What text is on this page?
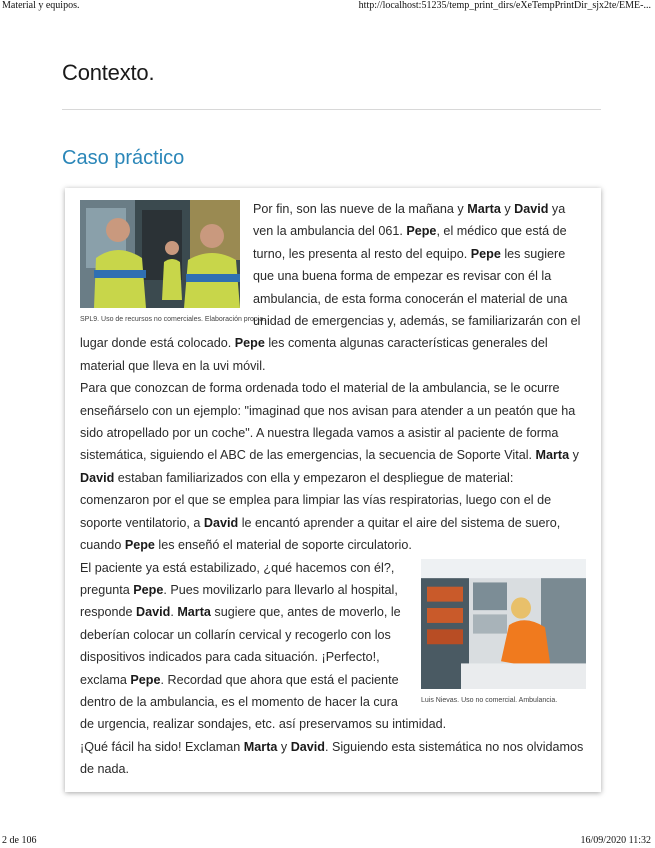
Material y equipos.	http://localhost:51235/temp_print_dirs/eXeTempPrintDir_sjx2te/EME-...
Contexto.
Caso práctico
SPL9. Uso de recursos no comerciales. Elaboración propia.

Por fin, son las nueve de la mañana y Marta y David ya ven la ambulancia del 061. Pepe, el médico que está de turno, les presenta al resto del equipo. Pepe les sugiere que una buena forma de empezar es revisar con él la ambulancia, de esta forma conocerán el material de una unidad de emergencias y, además, se familiarizarán con el lugar donde está colocado. Pepe les comenta algunas características generales del material que lleva en la uvi móvil.

Para que conozcan de forma ordenada todo el material de la ambulancia, se le ocurre enseñárselo con un ejemplo: "imaginad que nos avisan para atender a un peatón que ha sido atropellado por un coche". A nuestra llegada vamos a asistir al paciente de forma sistemática, siguiendo el ABC de las emergencias, la secuencia de Soporte Vital. Marta y David estaban familiarizados con ella y empezaron el despliegue de material: comenzaron por el que se emplea para limpiar las vías respiratorias, luego con el de soporte ventilatorio, a David le encantó aprender a quitar el aire del sistema de suero, cuando Pepe les enseñó el material de soporte circulatorio.

Luis Nievas. Uso no comercial. Ambulancia.

El paciente ya está estabilizado, ¿qué hacemos con él?, pregunta Pepe. Pues movilizarlo para llevarlo al hospital, responde David. Marta sugiere que, antes de moverlo, le deberían colocar un collarín cervical y recogerlo con los dispositivos indicados para cada situación. ¡Perfecto!, exclama Pepe. Recordad que ahora que está el paciente dentro de la ambulancia, es el momento de hacer la cura de urgencia, realizar sondajes, etc. así preservamos su intimidad.

¡Qué fácil ha sido! Exclaman Marta y David. Siguiendo esta sistemática no nos olvidamos de nada.

2 de 106	16/09/2020 11:32
